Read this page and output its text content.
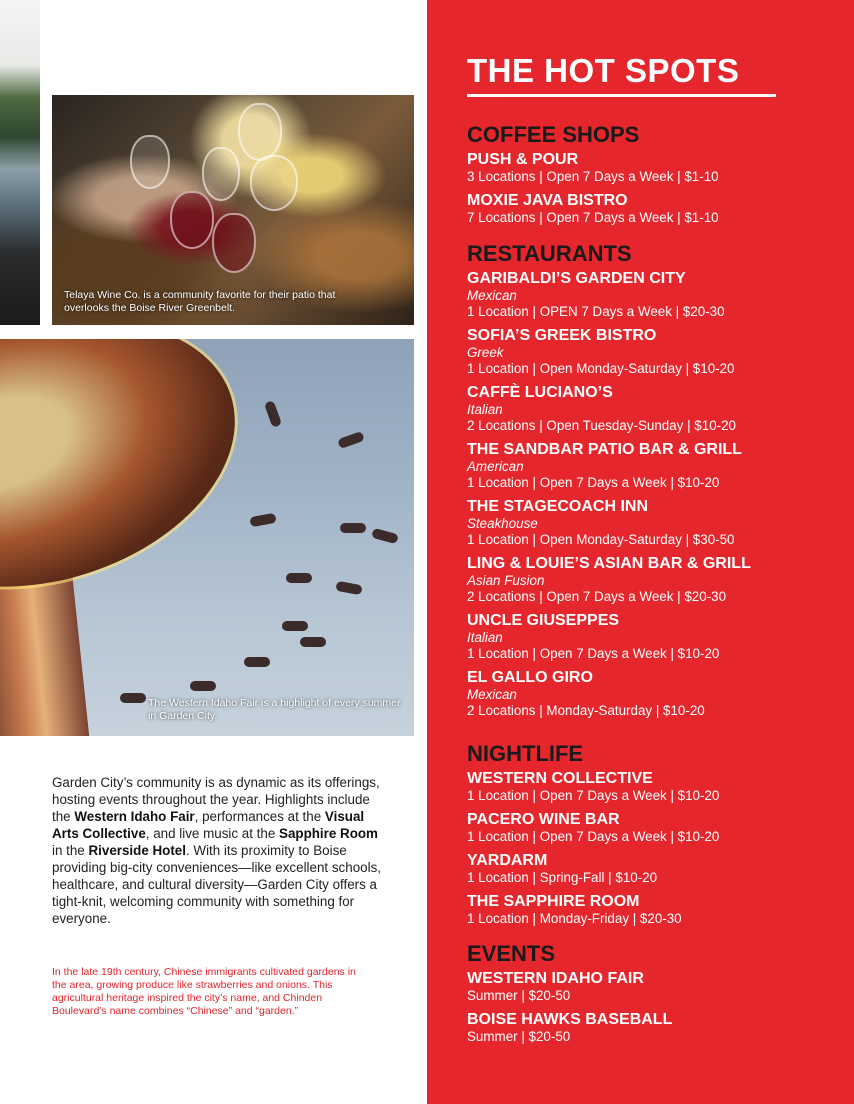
Telaya Wine Co. is a community favorite for their patio that overlooks the Boise River Greenbelt.
The Western Idaho Fair is a highlight of every summer in Garden City.
Garden City’s community is as dynamic as its offerings, hosting events throughout the year. Highlights include the Western Idaho Fair, performances at the Visual Arts Collective, and live music at the Sapphire Room in the Riverside Hotel. With its proximity to Boise providing big-city conveniences—like excellent schools, healthcare, and cultural diversity—Garden City offers a tight-knit, welcoming community with something for everyone.
In the late 19th century, Chinese immigrants cultivated gardens in the area, growing produce like strawberries and onions. This agricultural heritage inspired the city’s name, and Chinden Boulevard’s name combines “Chinese” and “garden.”
THE HOT SPOTS
COFFEE SHOPS
PUSH & POUR
3 Locations | Open 7 Days a Week | $1-10
MOXIE JAVA BISTRO
7 Locations | Open 7 Days a Week | $1-10
RESTAURANTS
GARIBALDI’S GARDEN CITY
Mexican
1 Location | OPEN 7 Days a Week | $20-30
SOFIA’S GREEK BISTRO
Greek
1 Location | Open Monday-Saturday | $10-20
CAFFÈ LUCIANO’S
Italian
2 Locations | Open Tuesday-Sunday | $10-20
THE SANDBAR PATIO BAR & GRILL
American
1 Location | Open 7 Days a Week | $10-20
THE STAGECOACH INN
Steakhouse
1 Location | Open Monday-Saturday | $30-50
LING & LOUIE’S ASIAN BAR & GRILL
Asian Fusion
2 Locations | Open 7 Days a Week | $20-30
UNCLE GIUSEPPES
Italian
1 Location | Open 7 Days a Week | $10-20
EL GALLO GIRO
Mexican
2 Locations | Monday-Saturday | $10-20
NIGHTLIFE
WESTERN COLLECTIVE
1 Location | Open 7 Days a Week | $10-20
PACERO WINE BAR
1 Location | Open 7 Days a Week | $10-20
YARDARM
1 Location | Spring-Fall | $10-20
THE SAPPHIRE ROOM
1 Location | Monday-Friday | $20-30
EVENTS
WESTERN IDAHO FAIR
Summer | $20-50
BOISE HAWKS BASEBALL
Summer | $20-50
